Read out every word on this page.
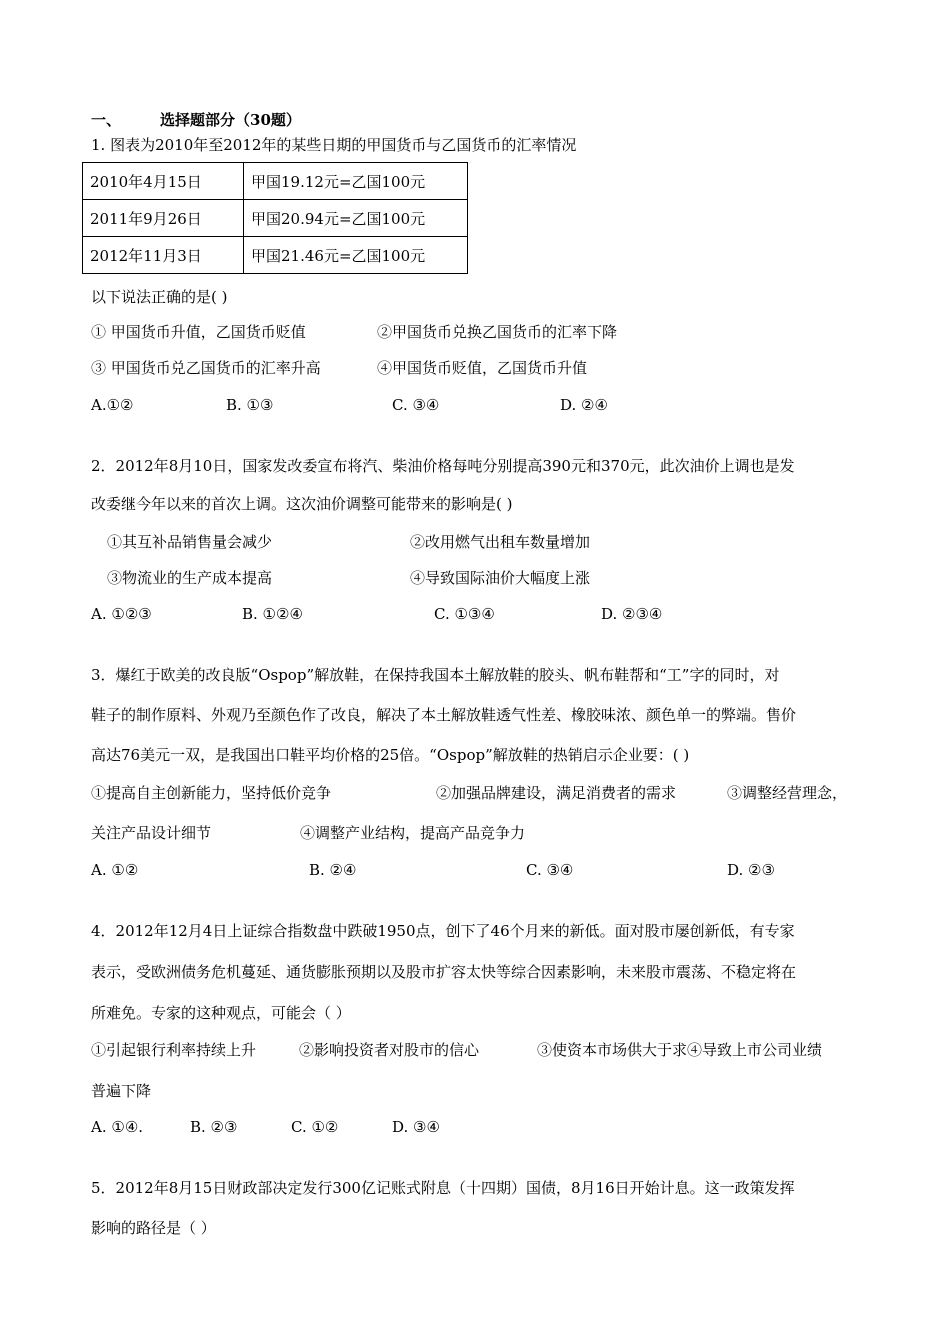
一、	选择题部分（30题）
1. 图表为2010年至2012年的某些日期的甲国货币与乙国货币的汇率情况
2010年4月15日	甲国19.12元=乙国100元
2011年9月26日	甲国20.94元=乙国100元
2012年11月3日	甲国21.46元=乙国100元
以下说法正确的是( )
① 甲国货币升值，乙国货币贬值	②甲国货币兑换乙国货币的汇率下降
③ 甲国货币兑乙国货币的汇率升高	④甲国货币贬值，乙国货币升值
A.①②	B. ①③	C. ③④	D. ②④
2．2012年8月10日，国家发改委宣布将汽、柴油价格每吨分别提高390元和370元，此次油价上调也是发
改委继今年以来的首次上调。这次油价调整可能带来的影响是( )
①其互补品销售量会减少	②改用燃气出租车数量增加
③物流业的生产成本提高	④导致国际油价大幅度上涨
A. ①②③	B. ①②④	C. ①③④	D. ②③④
3．爆红于欧美的改良版“Ospop”解放鞋，在保持我国本土解放鞋的胶头、帆布鞋帮和“工”字的同时，对
鞋子的制作原料、外观乃至颜色作了改良，解决了本土解放鞋透气性差、橡胶味浓、颜色单一的弊端。售价
高达76美元一双，是我国出口鞋平均价格的25倍。“Ospop”解放鞋的热销启示企业要：( )
①提高自主创新能力，坚持低价竞争	②加强品牌建设，满足消费者的需求	③调整经营理念，
关注产品设计细节	④调整产业结构，提高产品竞争力
A. ①②	B. ②④	C. ③④	D. ②③
4．2012年12月4日上证综合指数盘中跌破1950点，创下了46个月来的新低。面对股市屡创新低，有专家
表示，受欧洲债务危机蔓延、通货膨胀预期以及股市扩容太快等综合因素影响，未来股市震荡、不稳定将在
所难免。专家的这种观点，可能会（ ）
①引起银行利率持续上升	②影响投资者对股市的信心	③使资本市场供大于求④导致上市公司业绩
普遍下降
A. ①④.	B. ②③	C. ①②	D. ③④
5．2012年8月15日财政部决定发行300亿记账式附息（十四期）国债，8月16日开始计息。这一政策发挥
影响的路径是（ ）
